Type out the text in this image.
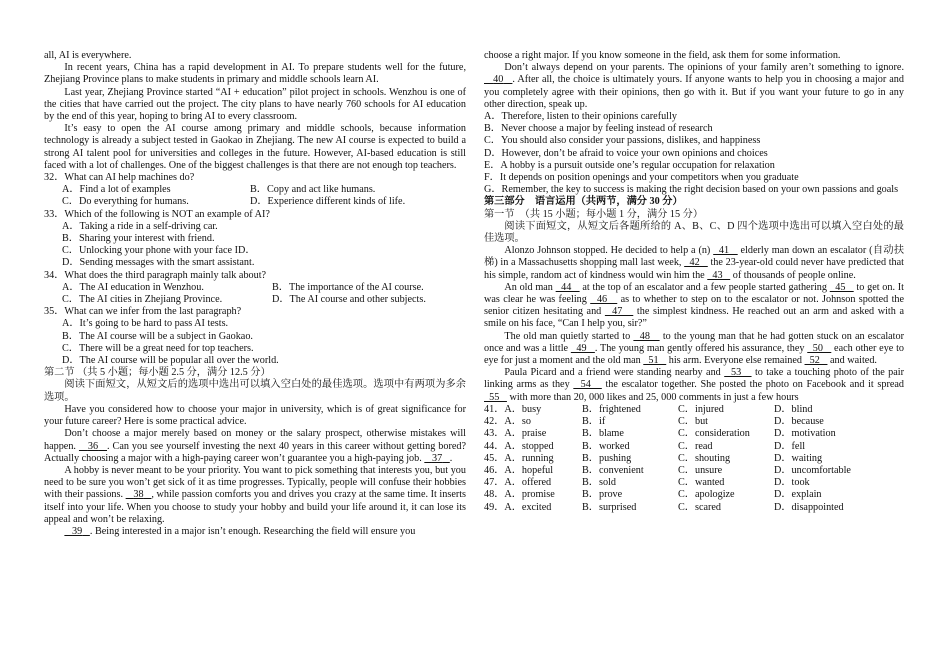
all, AI is everywhere.

In recent years, China has a rapid development in AI. To prepare students well for the future, Zhejiang Province plans to make students in primary and middle schools learn AI.

Last year, Zhejiang Province started “AI + education” pilot project in schools. Wenzhou is one of the cities that have carried out the project. The city plans to have nearly 760 schools for AI education by the end of this year, hoping to bring AI to every classroom.

It’s easy to open the AI course among primary and middle schools, because information technology is already a subject tested in Gaokao in Zhejiang. The new AI course is expected to build a strong AI talent pool for universities and colleges in the future. However, AI-based education is still faced with a lot of challenges. One of the biggest challenges is that there are not enough top teachers.

32．What can AI help machines do?

A．Find a lot of examples	B．Copy and act like humans.
C．Do everything for humans.	D．Experience different kinds of life.

33．Which of the following is NOT an example of AI?

A．Taking a ride in a self-driving car.

B．Sharing your interest with friend.

C．Unlocking your phone with your face ID．

D．Sending messages with the smart assistant.

34．What does the third paragraph mainly talk about?

A．The AI education in Wenzhou.	B．The importance of the AI course.
C．The AI cities in Zhejiang Province.	D．The AI course and other subjects.

35．What can we infer from the last paragraph?

A．It’s going to be hard to pass AI tests.

B．The AI course will be a subject in Gaokao.

C．There will be a great need for top teachers.

D．The AI course will be popular all over the world.

第二节 （共 5 小题；每小题 2.5 分，满分 12.5 分）

阅读下面短文，从短文后的选项中选出可以填入空白处的最佳选项。选项中有两项为多余选项。

Have you considered how to choose your major in university, which is of great significance for your future career? Here is some practical advice.

Don’t choose a major merely based on money or the salary prospect, otherwise mistakes will happen. 36 . Can you see yourself investing the next 40 years in this career without getting bored? Actually choosing a major with a high-paying career won’t guarantee you a high-paying job. 37 .

A hobby is never meant to be your priority. You want to pick something that interests you, but you need to be sure you won’t get sick of it as time progresses. Typically, people will confuse their hobbies with their passions. 38 , while passion comforts you and drives you crazy at the same time. It inserts itself into your life. When you choose to study your hobby and build your life around it, it can lose its appeal and won’t be relaxing.

39 . Being interested in a major isn’t enough. Researching the field will ensure you

choose a right major. If you know someone in the field, ask them for some information.

Don’t always depend on your parents. The opinions of your family aren’t something to ignore.    40 . After all, the choice is ultimately yours. If anyone wants to help you in choosing a major and you completely agree with their opinions, then go with it. But if you want your future to go in any other direction, speak up.

A．Therefore, listen to their opinions carefully

B．Never choose a major by feeling instead of research

C．You should also consider your passions, dislikes, and happiness

D．However, don’t be afraid to voice your own opinions and choices

E．A hobby is a pursuit outside one’s regular occupation for relaxation

F．It depends on position openings and your competitors when you graduate

G．Remember, the key to success is making the right decision based on your own passions and goals

第三部分　语言运用（共两节，满分 30 分）

第一节　（共 15 小题；每小题 1 分，满分 15 分）

阅读下面短文，从短文后各题所给的 A、B、C、D 四个选项中选出可以填入空白处的最佳选项。

Alonzo Johnson stopped. He decided to help a (n)   41    elderly man down an escalator (自动扶梯) in a Massachusetts shopping mall last week,   42    the 23-year-old could never have predicted that his simple, random act of kindness would win him the   43    of thousands of people online.

An old man   44    at the top of an escalator and a few people started gathering   45    to get on. It was clear he was feeling   46    as to whether to step on to the escalator or not. Johnson spotted the senior citizen hesitating and   47    the simplest kindness. He reached out an arm and asked with a smile on his face, “Can I help you, sir?”

The old man quietly started to   48    to the young man that he had gotten stuck on an escalator once and was a little   49   . The young man gently offered his assurance, they   50    each other eye to eye for just a moment and the old man   51    his arm. Everyone else remained   52    and waited.

Paula Picard and a friend were standing nearby and   53    to take a touching photo of the pair linking arms as they   54    the escalator together. She posted the photo on Facebook and it spread   55    with more than 20, 000 likes and 25, 000 comments in just a few hours

41．A．busy	B．frightened	C．injured	D．blind
42．A．so	B．if	C．but	D．because
43．A．praise	B．blame	C．consideration	D．motivation
44．A．stopped	B．worked	C．read	D．fell
45．A．running	B．pushing	C．shouting	D．waiting
46．A．hopeful	B．convenient	C．unsure	D．uncomfortable
47．A．offered	B．sold	C．wanted	D．took
48．A．promise	B．prove	C．apologize	D．explain
49．A．excited	B．surprised	C．scared	D．disappointed
